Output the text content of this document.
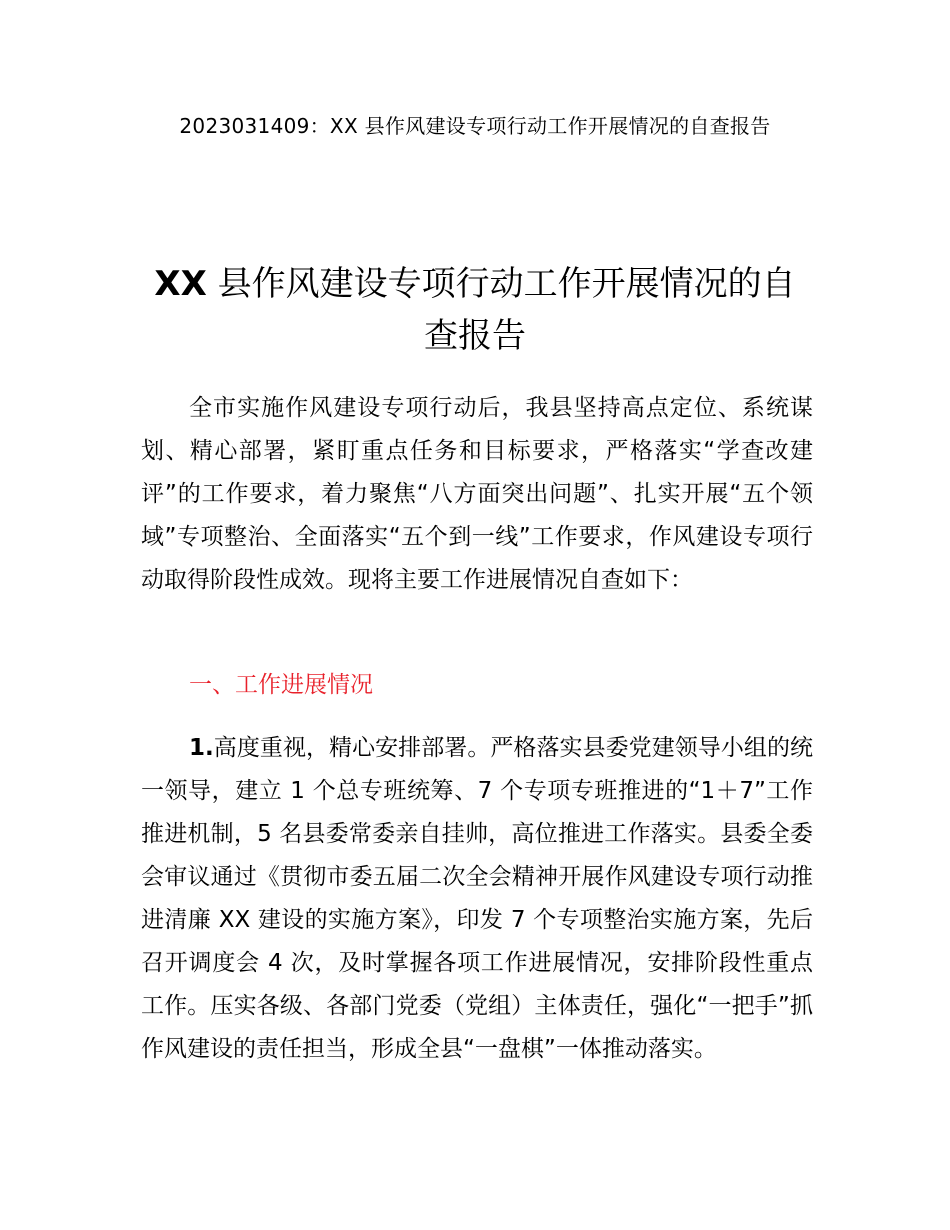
2023031409：XX 县作风建设专项行动工作开展情况的自查报告
XX 县作风建设专项行动工作开展情况的自查报告

全市实施作风建设专项行动后，我县坚持高点定位、系统谋划、精心部署，紧盯重点任务和目标要求，严格落实“学查改建评”的工作要求，着力聚焦“八方面突出问题”、扎实开展“五个领域”专项整治、全面落实“五个到一线”工作要求，作风建设专项行动取得阶段性成效。现将主要工作进展情况自查如下：

一、工作进展情况

1.高度重视，精心安排部署。严格落实县委党建领导小组的统一领导，建立 1 个总专班统筹、7 个专项专班推进的“1＋7”工作推进机制，5 名县委常委亲自挂帅，高位推进工作落实。县委全委会审议通过《贯彻市委五届二次全会精神开展作风建设专项行动推进清廉 XX 建设的实施方案》，印发 7 个专项整治实施方案，先后召开调度会 4 次，及时掌握各项工作进展情况，安排阶段性重点工作。压实各级、各部门党委（党组）主体责任，强化“一把手”抓作风建设的责任担当，形成全县“一盘棋”一体推动落实。
